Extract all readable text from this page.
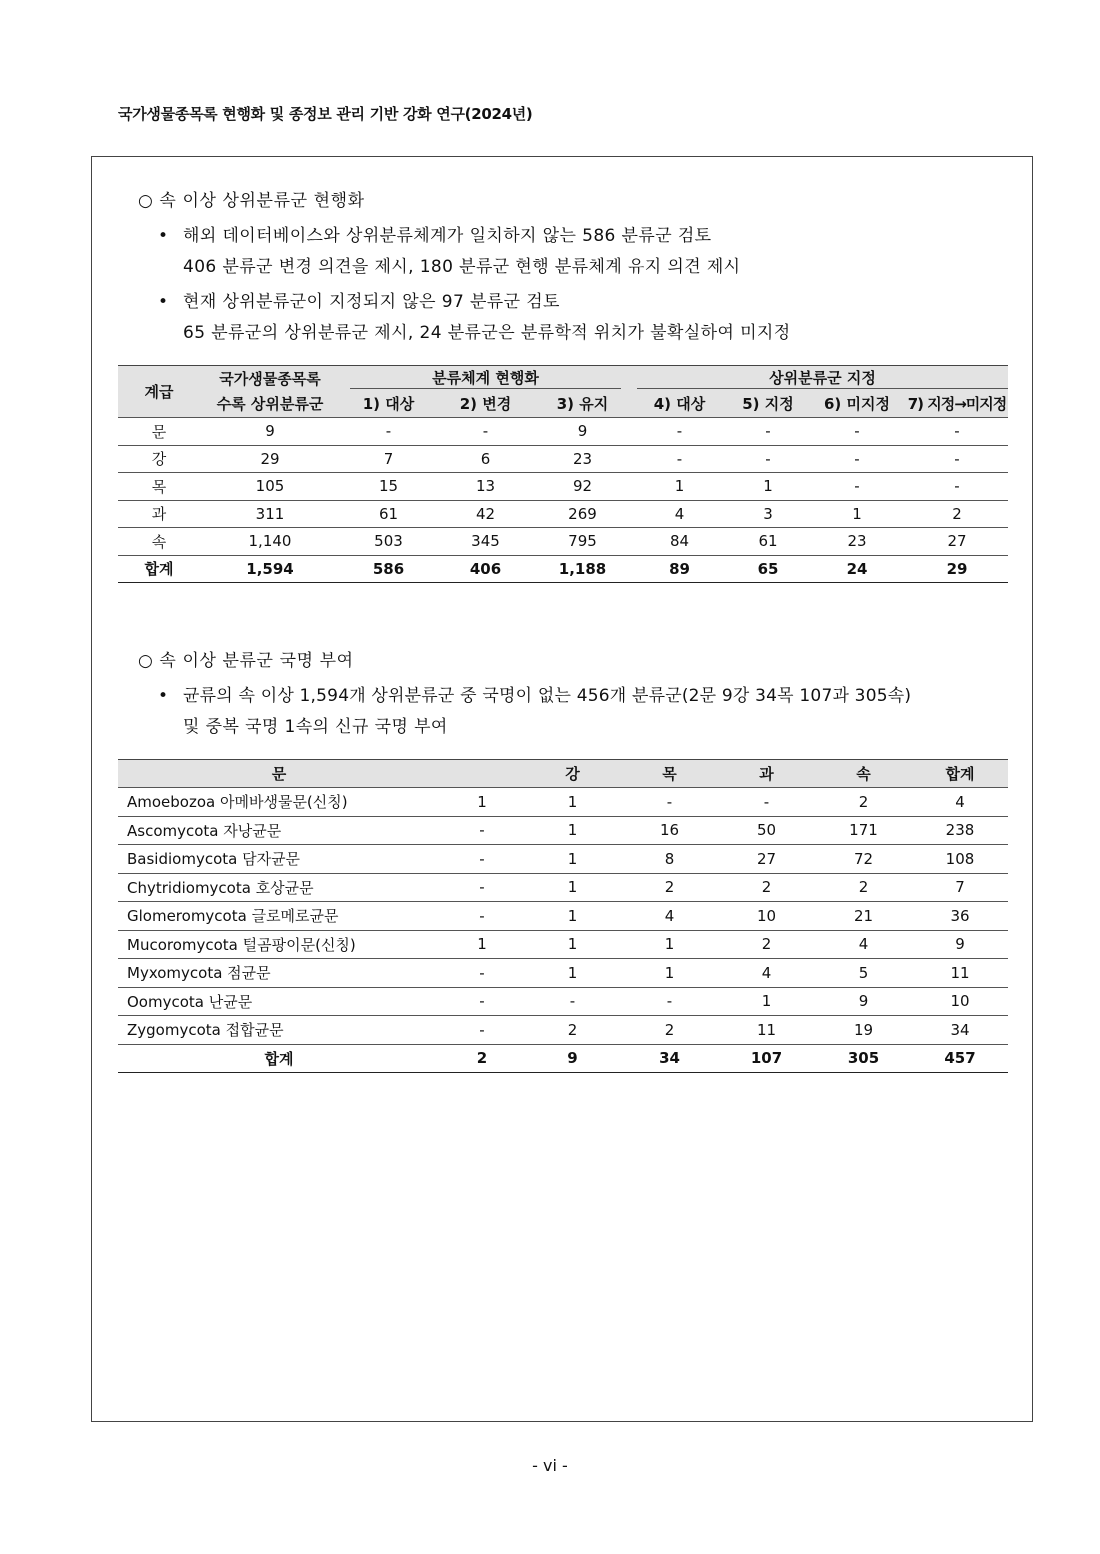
국가생물종목록 현행화 및 종정보 관리 기반 강화 연구(2024년)
○ 속 이상 상위분류군 현행화
• 해외 데이터베이스와 상위분류체계가 일치하지 않는 586 분류군 검토
406 분류군 변경 의견을 제시, 180 분류군 현행 분류체계 유지 의견 제시
• 현재 상위분류군이 지정되지 않은 97 분류군 검토
65 분류군의 상위분류군 제시, 24 분류군은 분류학적 위치가 불확실하여 미지정
계급	국가생물종목록	분류체계 현행화			상위분류군 지정			

	수록 상위분류군	1) 대상	2) 변경	3) 유지	4) 대상	5) 지정	6) 미지정	7) 지정→미지정
문	9	-	-	9	-	-	-	-
강	29	7	6	23	-	-	-	-
목	105	15	13	92	1	1	-	-
과	311	61	42	269	4	3	1	2
속	1,140	503	345	795	84	61	23	27
합계	1,594	586	406	1,188	89	65	24	29
○ 속 이상 분류군 국명 부여
• 균류의 속 이상 1,594개 상위분류군 중 국명이 없는 456개 분류군(2문 9강 34목 107과 305속)
및 중복 국명 1속의 신규 국명 부여
문		강	목	과	속	합계
Amoebozoa 아메바생물문(신칭)	1	1	-	-	2	4
Ascomycota 자낭균문	-	1	16	50	171	238
Basidiomycota 담자균문	-	1	8	27	72	108
Chytridiomycota 호상균문	-	1	2	2	2	7
Glomeromycota 글로메로균문	-	1	4	10	21	36
Mucoromycota 털곰팡이문(신칭)	1	1	1	2	4	9
Myxomycota 점균문	-	1	1	4	5	11
Oomycota 난균문	-	-	-	1	9	10
Zygomycota 접합균문	-	2	2	11	19	34
합계	2	9	34	107	305	457
- vi -
